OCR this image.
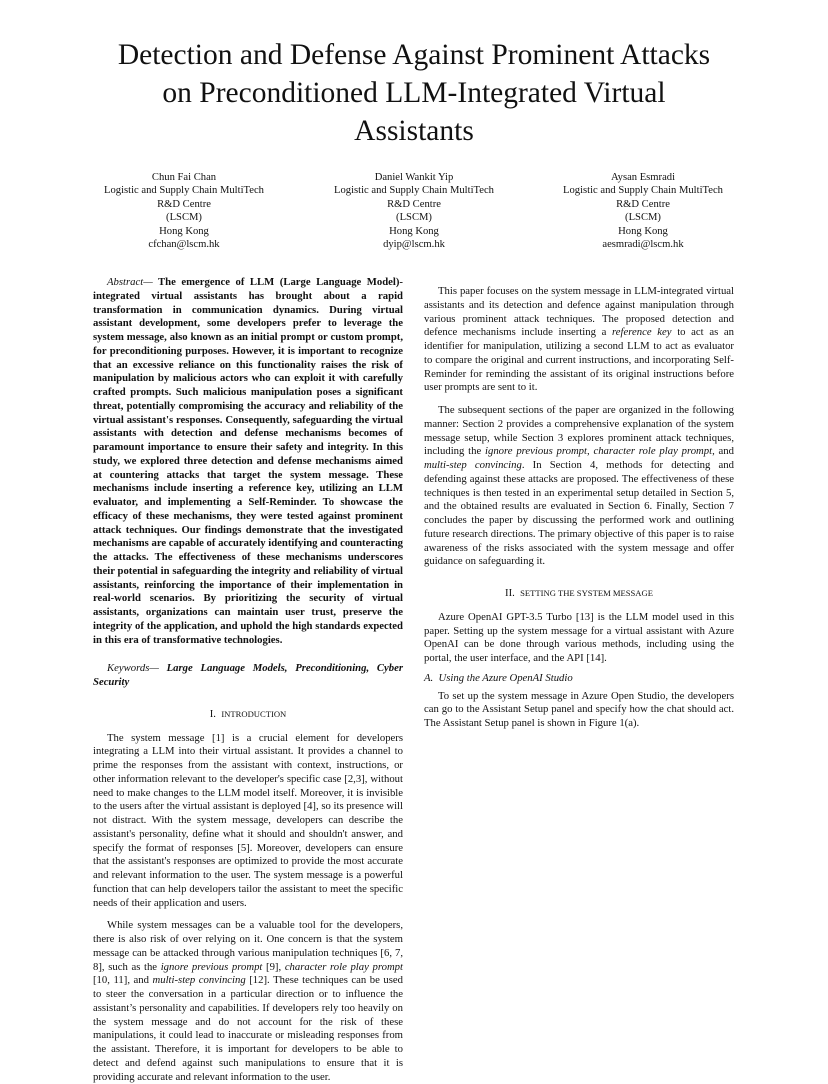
Detection and Defense Against Prominent Attacks
on Preconditioned LLM-Integrated Virtual
Assistants
Chun Fai Chan
Logistic and Supply Chain MultiTech
R&D Centre
(LSCM)
Hong Kong
cfchan@lscm.hk
Daniel Wankit Yip
Logistic and Supply Chain MultiTech
R&D Centre
(LSCM)
Hong Kong
dyip@lscm.hk
Aysan Esmradi
Logistic and Supply Chain MultiTech
R&D Centre
(LSCM)
Hong Kong
aesmradi@lscm.hk

Abstract— The emergence of LLM (Large Language Model)-integrated virtual assistants has brought about a rapid transformation in communication dynamics. During virtual assistant development, some developers prefer to leverage the system message, also known as an initial prompt or custom prompt, for preconditioning purposes. However, it is important to recognize that an excessive reliance on this functionality raises the risk of manipulation by malicious actors who can exploit it with carefully crafted prompts. Such malicious manipulation poses a significant threat, potentially compromising the accuracy and reliability of the virtual assistant's responses. Consequently, safeguarding the virtual assistants with detection and defense mechanisms becomes of paramount importance to ensure their safety and integrity. In this study, we explored three detection and defense mechanisms aimed at countering attacks that target the system message. These mechanisms include inserting a reference key, utilizing an LLM evaluator, and implementing a Self-Reminder. To showcase the efficacy of these mechanisms, they were tested against prominent attack techniques. Our findings demonstrate that the investigated mechanisms are capable of accurately identifying and counteracting the attacks. The effectiveness of these mechanisms underscores their potential in safeguarding the integrity and reliability of virtual assistants, reinforcing the importance of their implementation in real-world scenarios. By prioritizing the security of virtual assistants, organizations can maintain user trust, preserve the integrity of the application, and uphold the high standards expected in this era of transformative technologies.

Keywords— Large Language Models, Preconditioning, Cyber Security

I. INTRODUCTION

The system message [1] is a crucial element for developers integrating a LLM into their virtual assistant. It provides a channel to prime the responses from the assistant with context, instructions, or other information relevant to the developer's specific case [2,3], without need to make changes to the LLM model itself. Moreover, it is invisible to the users after the virtual assistant is deployed [4], so its presence will not distract. With the system message, developers can describe the assistant's personality, define what it should and shouldn't answer, and specify the format of responses [5]. Moreover, developers can ensure that the assistant's responses are optimized to provide the most accurate and relevant information to the user. The system message is a powerful function that can help developers tailor the assistant to meet the specific needs of their application and users.

While system messages can be a valuable tool for the developers, there is also risk of over relying on it. One concern is that the system message can be attacked through various manipulation techniques [6, 7, 8], such as the ignore previous prompt [9], character role play prompt [10, 11], and multi-step convincing [12]. These techniques can be used to steer the conversation in a particular direction or to influence the assistant’s personality and capabilities. If developers rely too heavily on the system message and do not account for the risk of these manipulations, it could lead to inaccurate or misleading responses from the assistant. Therefore, it is important for developers to be able to detect and defend against such manipulations to ensure that it is providing accurate and relevant information to the user.

This paper focuses on the system message in LLM-integrated virtual assistants and its detection and defence against manipulation through various prominent attack techniques. The proposed detection and defence mechanisms include inserting a reference key to act as an identifier for manipulation, utilizing a second LLM to act as evaluator to compare the original and current instructions, and incorporating Self-Reminder for reminding the assistant of its original instructions before user prompts are sent to it.

The subsequent sections of the paper are organized in the following manner: Section 2 provides a comprehensive explanation of the system message setup, while Section 3 explores prominent attack techniques, including the ignore previous prompt, character role play prompt, and multi-step convincing. In Section 4, methods for detecting and defending against these attacks are proposed. The effectiveness of these techniques is then tested in an experimental setup detailed in Section 5, and the obtained results are evaluated in Section 6. Finally, Section 7 concludes the paper by discussing the performed work and outlining future research directions. The primary objective of this paper is to raise awareness of the risks associated with the system message and offer guidance on safeguarding it.

II. SETTING THE SYSTEM MESSAGE

Azure OpenAI GPT-3.5 Turbo [13] is the LLM model used in this paper. Setting up the system message for a virtual assistant with Azure OpenAI can be done through various methods, including using the portal, the user interface, and the API [14].

A. Using the Azure OpenAI Studio

To set up the system message in Azure Open Studio, the developers can go to the Assistant Setup panel and specify how the chat should act. The Assistant Setup panel is shown in Figure 1(a).
